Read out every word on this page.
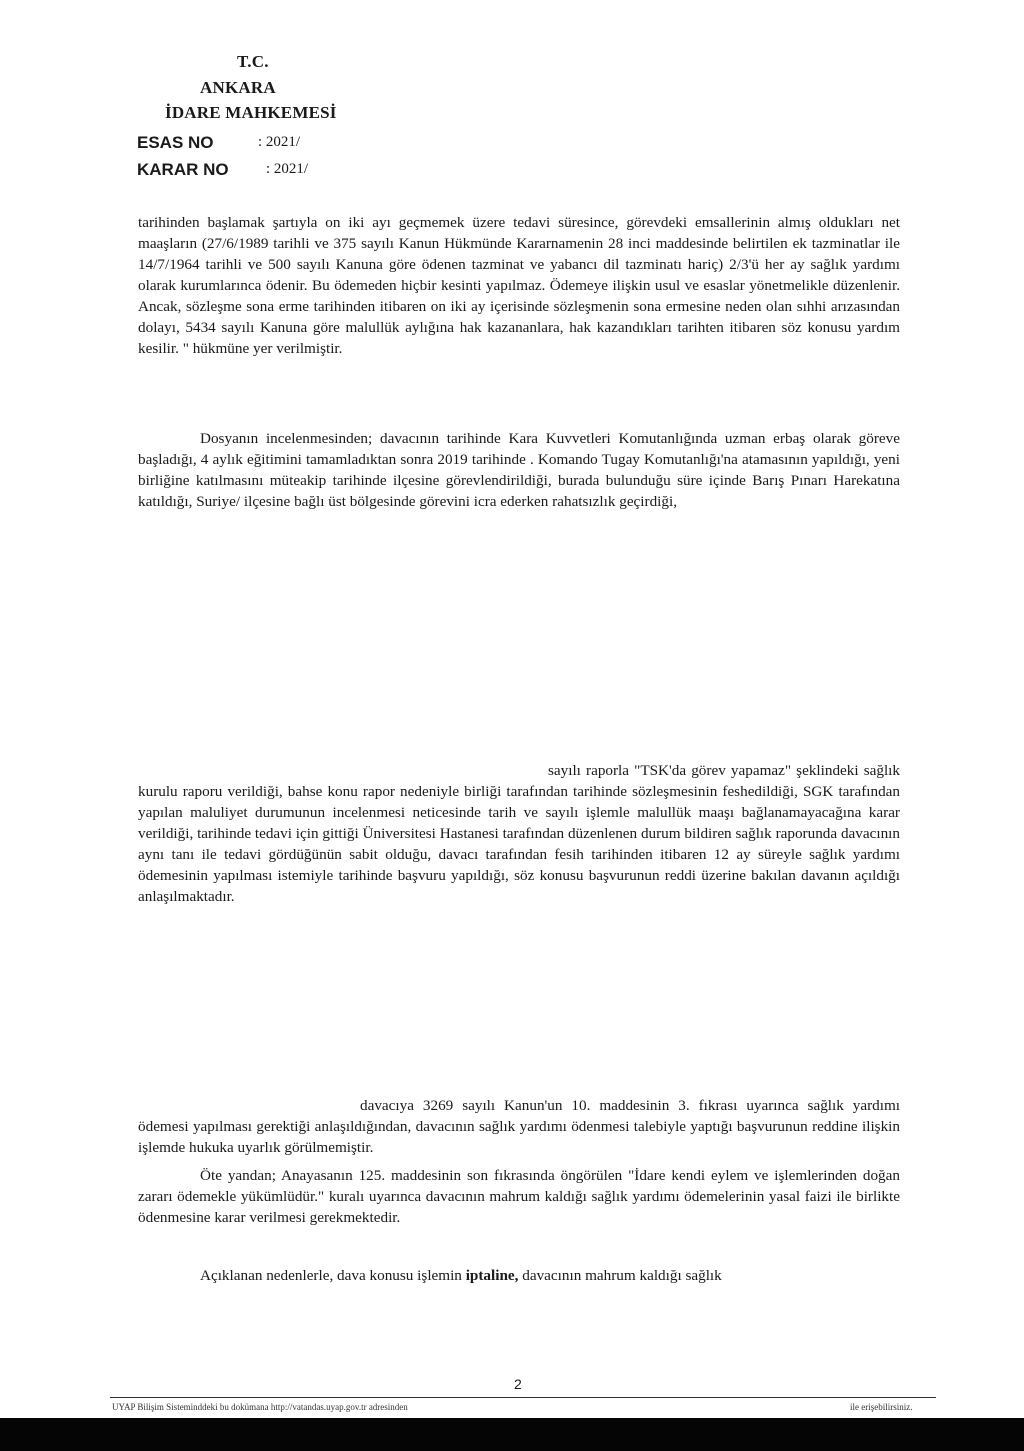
T.C.
ANKARA
İDARE MAHKEMESİ
ESAS NO	: 2021/
KARAR NO : 2021/

tarihinden başlamak şartıyla on iki ayı geçmemek üzere tedavi süresince, görevdeki emsallerinin almış oldukları net maaşların (27/6/1989 tarihli ve 375 sayılı Kanun Hükmünde Kararnamenin 28 inci maddesinde belirtilen ek tazminatlar ile 14/7/1964 tarihli ve 500 sayılı Kanuna göre ödenen tazminat ve yabancı dil tazminatı hariç) 2/3'ü her ay sağlık yardımı olarak kurumlarınca ödenir. Bu ödemeden hiçbir kesinti yapılmaz. Ödemeye ilişkin usul ve esaslar yönetmelikle düzenlenir. Ancak, sözleşme sona erme tarihinden itibaren on iki ay içerisinde sözleşmenin sona ermesine neden olan sıhhi arızasından dolayı, 5434 sayılı Kanuna göre malullük aylığına hak kazananlara, hak kazandıkları tarihten itibaren söz konusu yardım kesilir. " hükmüne yer verilmiştir.

Dosyanın incelenmesinden; davacının tarihinde Kara Kuvvetleri Komutanlığında uzman erbaş olarak göreve başladığı, 4 aylık eğitimini tamamladıktan sonra 2019 tarihinde . Komando Tugay Komutanlığı'na atamasının yapıldığı, yeni birliğine katılmasını müteakip tarihinde ilçesine görevlendirildiği, burada bulunduğu süre içinde Barış Pınarı Harekatına katıldığı, Suriye/ ilçesine bağlı üst bölgesinde görevini icra ederken rahatsızlık geçirdiği,

sayılı raporla "TSK'da görev yapamaz" şeklindeki sağlık kurulu raporu verildiği, bahse konu rapor nedeniyle birliği tarafından tarihinde sözleşmesinin feshedildiği, SGK tarafından yapılan maluliyet durumunun incelenmesi neticesinde tarih ve sayılı işlemle malullük maaşı bağlanamayacağına karar verildiği, tarihinde tedavi için gittiği Üniversitesi Hastanesi tarafından düzenlenen durum bildiren sağlık raporunda davacının aynı tanı ile tedavi gördüğünün sabit olduğu, davacı tarafından fesih tarihinden itibaren 12 ay süreyle sağlık yardımı ödemesinin yapılması istemiyle tarihinde başvuru yapıldığı, söz konusu başvurunun reddi üzerine bakılan davanın açıldığı anlaşılmaktadır.

davacıya 3269 sayılı Kanun'un 10. maddesinin 3. fıkrası uyarınca sağlık yardımı ödemesi yapılması gerektiği anlaşıldığından, davacının sağlık yardımı ödenmesi talebiyle yaptığı başvurunun reddine ilişkin işlemde hukuka uyarlık görülmemiştir.

Öte yandan; Anayasanın 125. maddesinin son fıkrasında öngörülen "İdare kendi eylem ve işlemlerinden doğan zararı ödemekle yükümlüdür." kuralı uyarınca davacının mahrum kaldığı sağlık yardımı ödemelerinin yasal faizi ile birlikte ödenmesine karar verilmesi gerekmektedir.

Açıklanan nedenlerle, dava konusu işlemin iptaline, davacının mahrum kaldığı sağlık

2
UYAP Bilişim Sisteminddeki bu dokümana http://vatandas.uyap.gov.tr adresinden	ile erişebilirsiniz.
